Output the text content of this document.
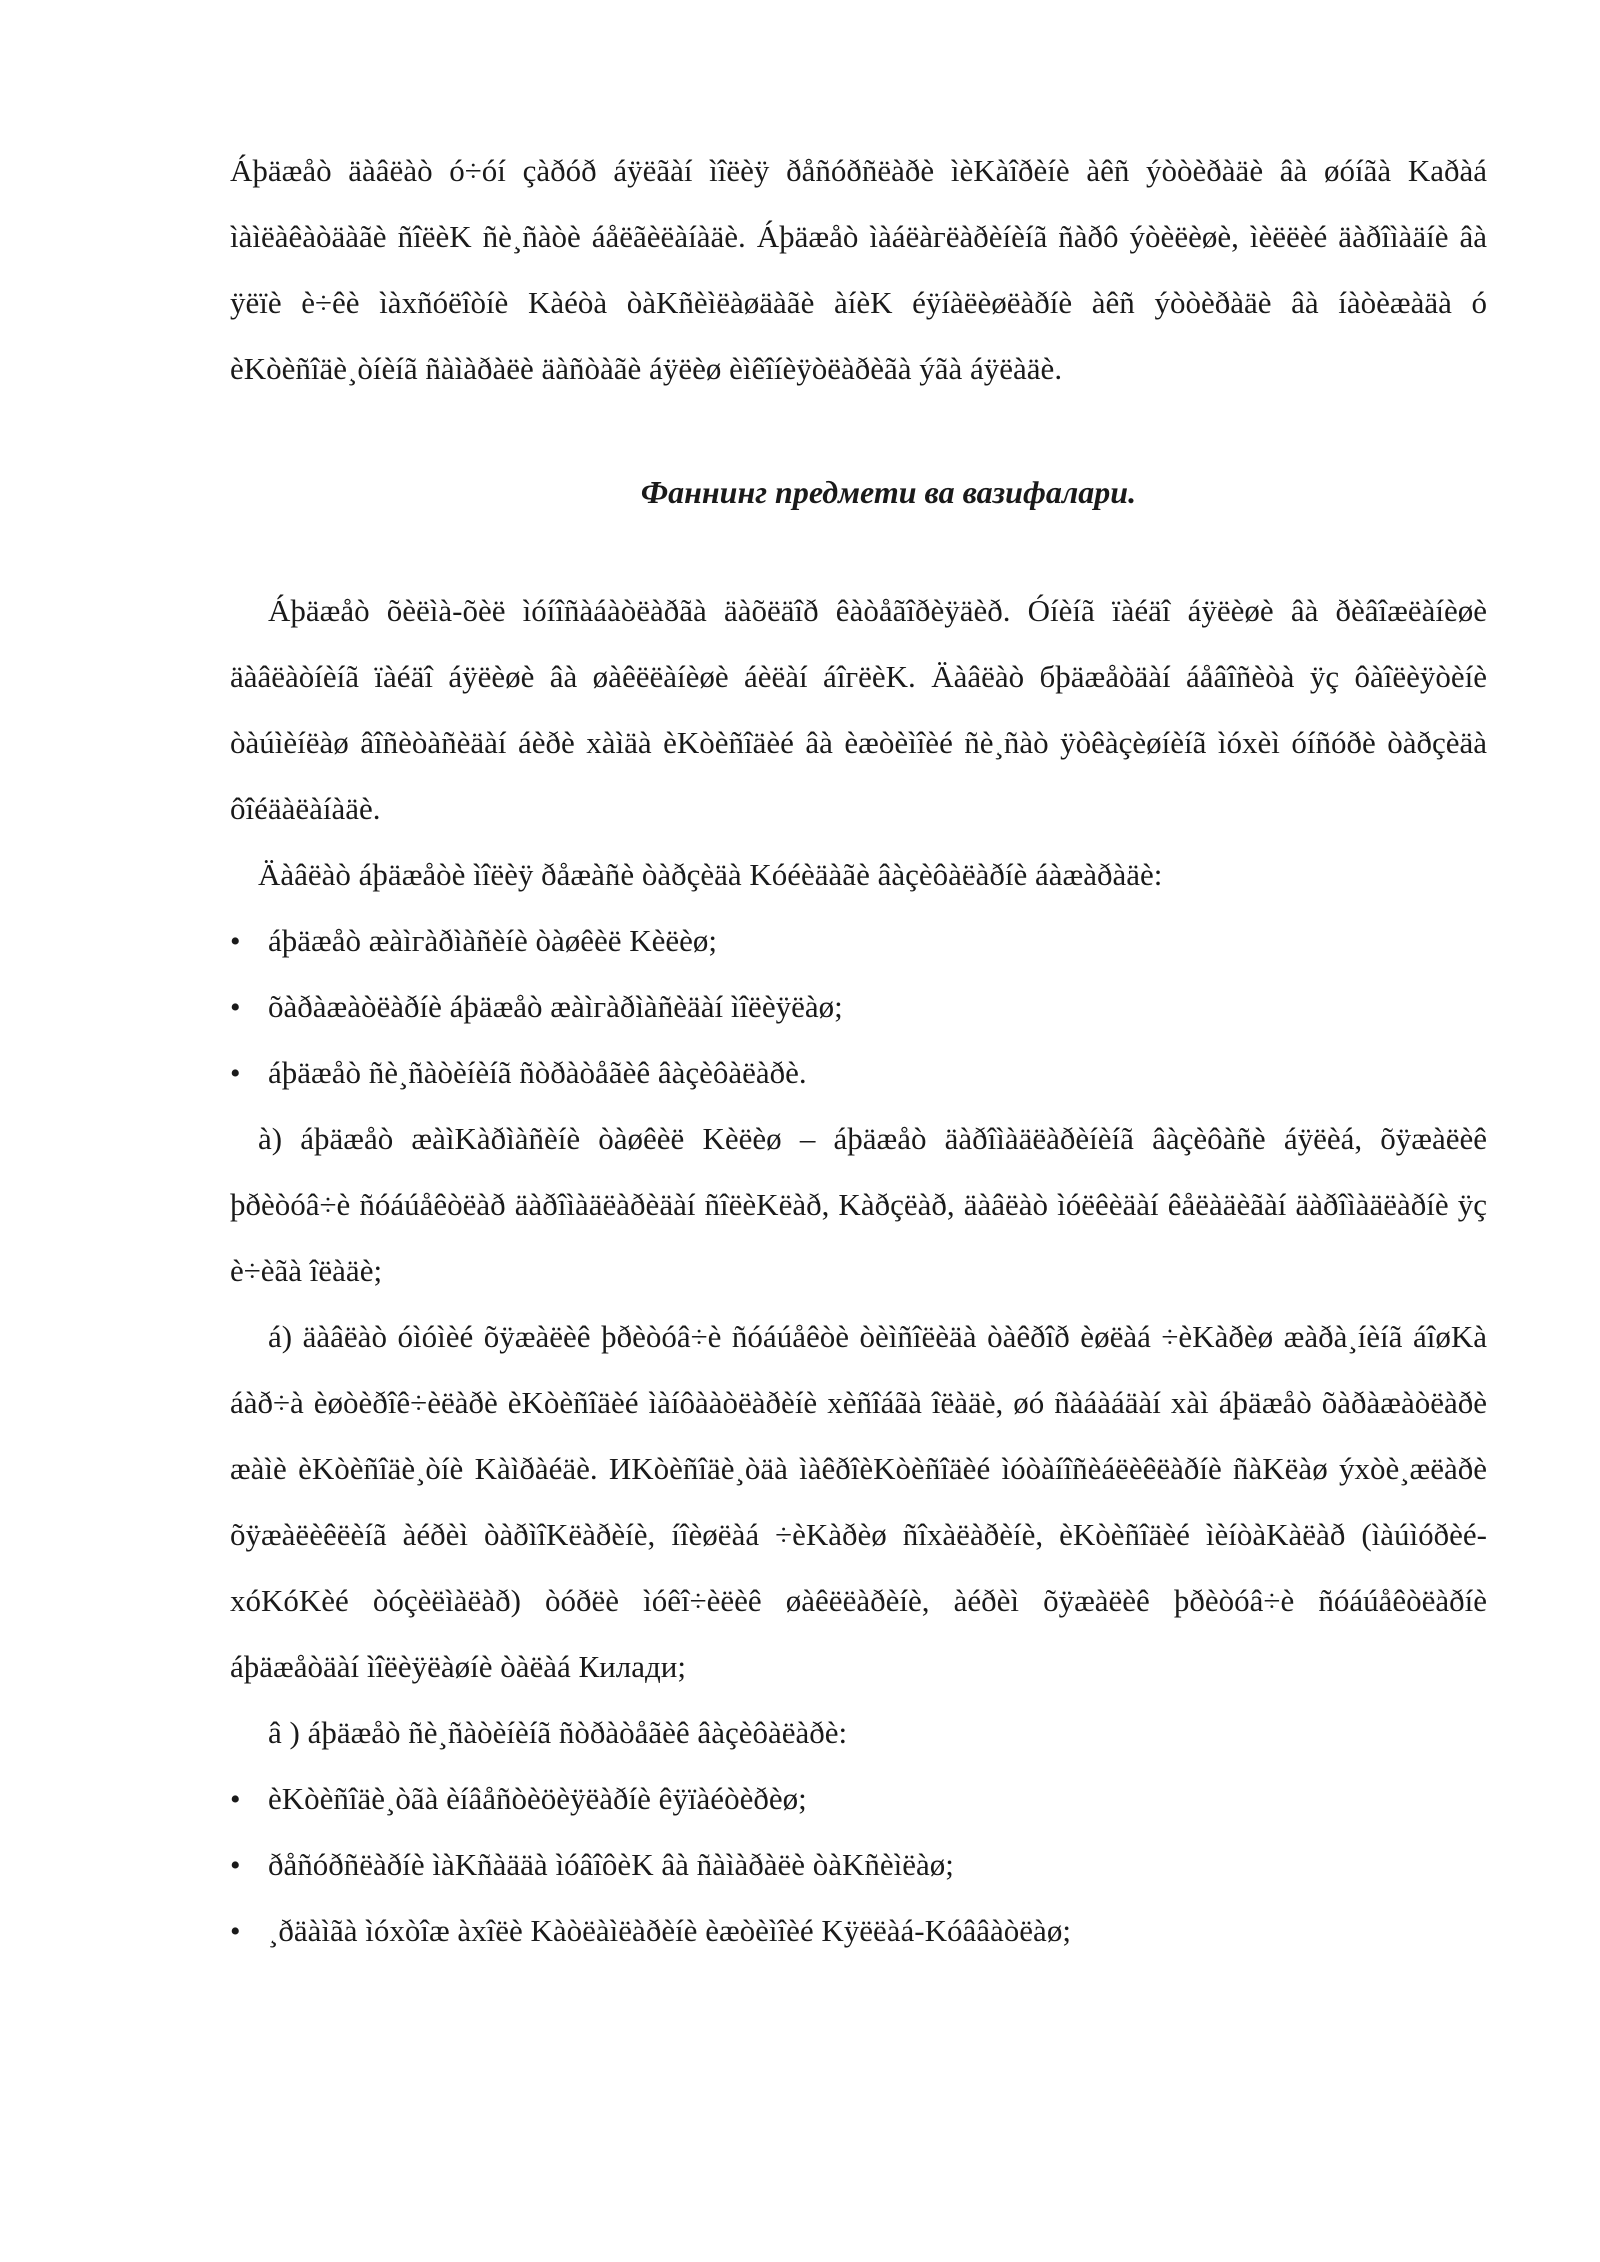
Áþäæåò äàâëàò ó÷óí çàðóð áÿëãàí ìîëèÿ ðåñóðñëàðè ìèKàîðèíè àêñ ýòòèðàäè âà øóíãà Kaðàá ìàìëàêàòäàãè ñîëèK ñè¸ñàòè áåëãèëàíàäè. Áþäæåò ìàáëàгëàðèíèíã ñàðô ýòèëèøè, ìèëëèé äàðîìàäíè âà ÿëïè è÷êè ìàxñóëîòíè Kàéòà òàKñèìëàøäàãè àíèK éÿíàëèøëàðíè àêñ ýòòèðàäè âà íàòèæàäà ó èKòèñîäè¸òíèíã ñàìàðàëè äàñòàãè áÿëèø èìêîíèÿòëàðèãà ýãà áÿëàäè.

Фаннинг предмети ва вазифалари.

Áþäæåò õèëìà-õèë ìóíîñàáàòëàðãà äàõëäîð êàòåãîðèÿäèð. Óíèíã ïàéäî áÿëèøè âà ðèâîæëàíèøè äàâëàòíèíã ïàéäî áÿëèøè âà øàêëëàíèøè áèëàí áîгëèK. Äàâëàò бþäæåòäàí áåâîñèòà ÿç ôàîëèÿòèíè òàúìèíëàø âîñèòàñèäàí áèðè xàìäà èKòèñîäèé âà èæòèìîèé ñè¸ñàò ÿòêàçèøíèíã ìóxèì óíñóðè òàðçèäà ôîéäàëàíàäè.

Äàâëàò áþäæåòè ìîëèÿ ðåæàñè òàðçèäà Kóéèäàãè âàçèôàëàðíè áàæàðàäè:

• áþäæåò æàìгàðìàñèíè òàøêèë Kèëèø;
• õàðàæàòëàðíè áþäæåò æàìгàðìàñèäàí ìîëèÿëàø;
• áþäæåò ñè¸ñàòèíèíã ñòðàòåãèê âàçèôàëàðè.

à) áþäæåò æàìKàðìàñèíè òàøêèë Kèëèø – áþäæåò äàðîìàäëàðèíèíã âàçèôàñè áÿëèá, õÿæàëèê þðèòóâ÷è ñóáúåêòëàð äàðîìàäëàðèäàí ñîëèKëàð, Kàðçëàð, äàâëàò ìóëêèäàí êåëàäèãàí äàðîìàäëàðíè ÿç è÷èãà îëàäè;

á) äàâëàò óìóìèé õÿæàëèê þðèòóâ÷è ñóáúåêòè òèìñîëèäà òàêðîð èøëàá ÷èKàðèø æàðà¸íèíã áîøKà áàð÷à èøòèðîê÷èëàðè èKòèñîäèé ìàíôààòëàðèíè xèñîáãà îëàäè, øó ñàáàáäàí xàì áþäæåò õàðàæàòëàðè æàìè èKòèñîäè¸òíè Kàìðàéäè. ИKòèñîäè¸òäà ìàêðîèKòèñîäèé ìóòàíîñèáëèêëàðíè ñàKëàø ýxòè¸æëàðè õÿæàëèêëèíã àéðèì òàðìîKëàðèíè, íîèøëàá ÷èKàðèø ñîxàëàðèíè, èKòèñîäèé ìèíòàKàëàð (ìàúìóðèé-xóKóKèé òóçèëìàëàð) òóðëè ìóêî÷èëèê øàêëëàðèíè, àéðèì õÿæàëèê þðèòóâ÷è ñóáúåêòëàðíè áþäæåòäàí ìîëèÿëàøíè òàëàá Килади;

â ) áþäæåò ñè¸ñàòèíèíã ñòðàòåãèê âàçèôàëàðè:

• èKòèñîäè¸òãà èíâåñòèöèÿëàðíè êÿïàéòèðèø;
• ðåñóðñëàðíè ìàKñàääà ìóâîôèK âà ñàìàðàëè òàKñèìëàø;
• ¸ðäàìãà ìóxòîæ àxîëè Kàòëàìëàðèíè èæòèìîèé Kÿëëàá-Kóââàòëàø;
